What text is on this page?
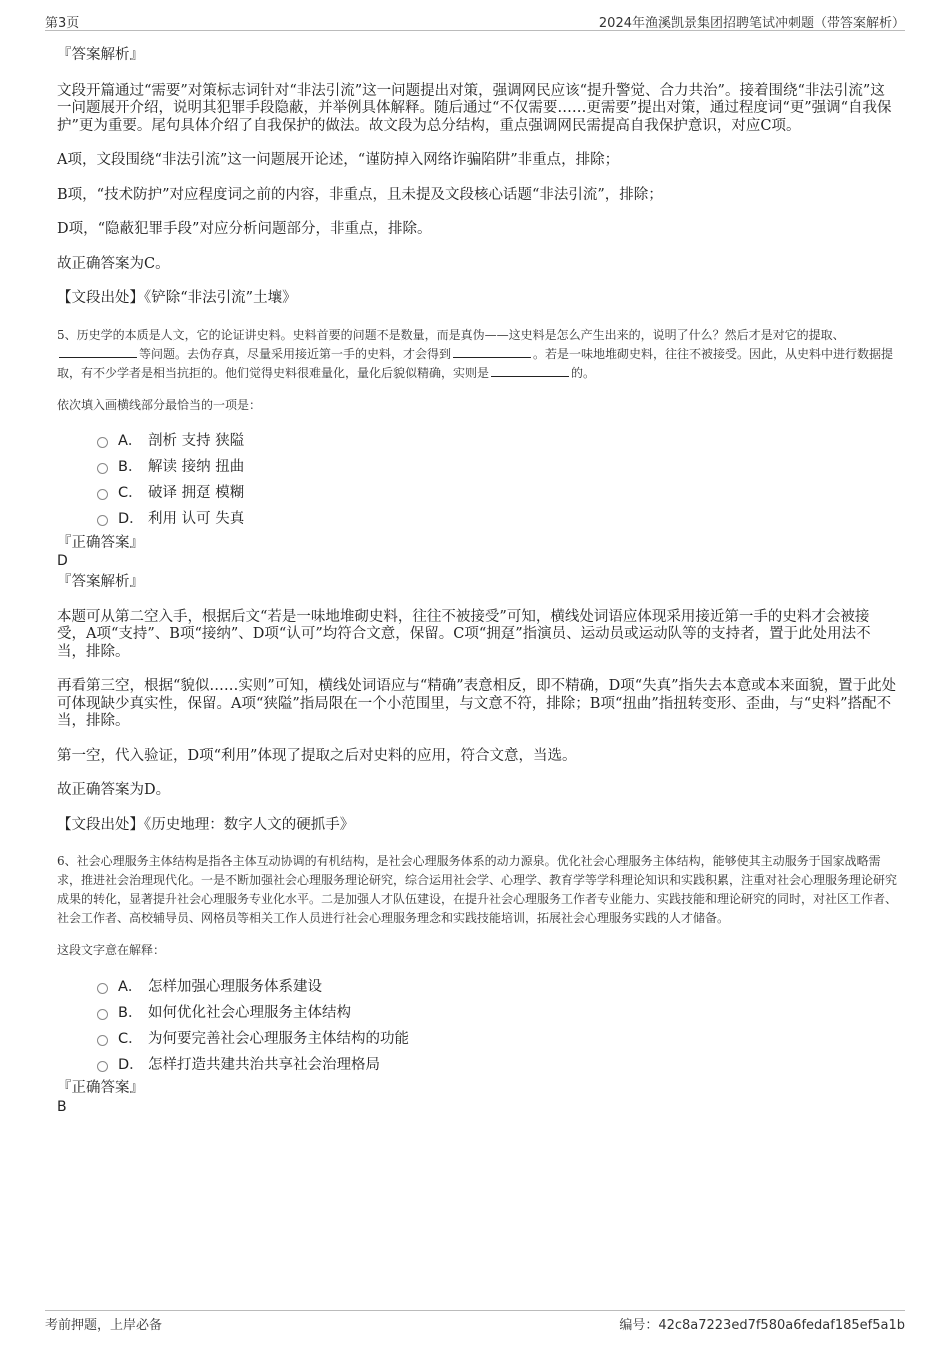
第3页	2024年渔溪凯景集团招聘笔试冲刺题（带答案解析）

『答案解析』

文段开篇通过“需要”对策标志词针对“非法引流”这一问题提出对策，强调网民应该“提升警觉、合力共治”。接着围绕“非法引流”这一问题展开介绍，说明其犯罪手段隐蔽，并举例具体解释。随后通过“不仅需要……更需要”提出对策，通过程度词“更”强调“自我保护”更为重要。尾句具体介绍了自我保护的做法。故文段为总分结构，重点强调网民需提高自我保护意识，对应C项。

A项，文段围绕“非法引流”这一问题展开论述，“谨防掉入网络诈骗陷阱”非重点，排除；

B项，“技术防护”对应程度词之前的内容，非重点，且未提及文段核心话题“非法引流”，排除；

D项，“隐蔽犯罪手段”对应分析问题部分，非重点，排除。

故正确答案为C。

【文段出处】《铲除“非法引流”土壤》

5、历史学的本质是人文，它的论证讲史料。史料首要的问题不是数量，而是真伪——这史料是怎么产生出来的，说明了什么？然后才是对它的提取、等问题。去伪存真，尽量采用接近第一手的史料，才会得到	。若是一味地堆砌史料，往往不被接受。因此，从史料中进行数据提取，有不少学者是相当抗拒的。他们觉得史料很难量化，量化后貌似精确，实则是	的。

依次填入画横线部分最恰当的一项是：

A． 剖析 支持 狭隘
B． 解读 接纳 扭曲
C． 破译 拥趸 模糊
D． 利用 认可 失真

『正确答案』

D

『答案解析』

本题可从第二空入手，根据后文“若是一味地堆砌史料，往往不被接受”可知，横线处词语应体现采用接近第一手的史料才会被接受，A项“支持”、B项“接纳”、D项“认可”均符合文意，保留。C项“拥趸”指演员、运动员或运动队等的支持者，置于此处用法不当，排除。

再看第三空，根据“貌似……实则”可知，横线处词语应与“精确”表意相反，即不精确，D项“失真”指失去本意或本来面貌，置于此处可体现缺少真实性，保留。A项“狭隘”指局限在一个小范围里，与文意不符，排除；B项“扭曲”指扭转变形、歪曲，与“史料”搭配不当，排除。

第一空，代入验证，D项“利用”体现了提取之后对史料的应用，符合文意，当选。

故正确答案为D。

【文段出处】《历史地理：数字人文的硬抓手》

6、社会心理服务主体结构是指各主体互动协调的有机结构，是社会心理服务体系的动力源泉。优化社会心理服务主体结构，能够使其主动服务于国家战略需求，推进社会治理现代化。一是不断加强社会心理服务理论研究，综合运用社会学、心理学、教育学等学科理论知识和实践积累，注重对社会心理服务理论研究成果的转化，显著提升社会心理服务专业化水平。二是加强人才队伍建设，在提升社会心理服务工作者专业能力、实践技能和理论研究的同时，对社区工作者、社会工作者、高校辅导员、网格员等相关工作人员进行社会心理服务理念和实践技能培训，拓展社会心理服务实践的人才储备。

这段文字意在解释：

A． 怎样加强心理服务体系建设
B． 如何优化社会心理服务主体结构
C． 为何要完善社会心理服务主体结构的功能
D． 怎样打造共建共治共享社会治理格局

『正确答案』

B

考前押题，上岸必备	编号：42c8a7223ed7f580a6fedaf185ef5a1b
